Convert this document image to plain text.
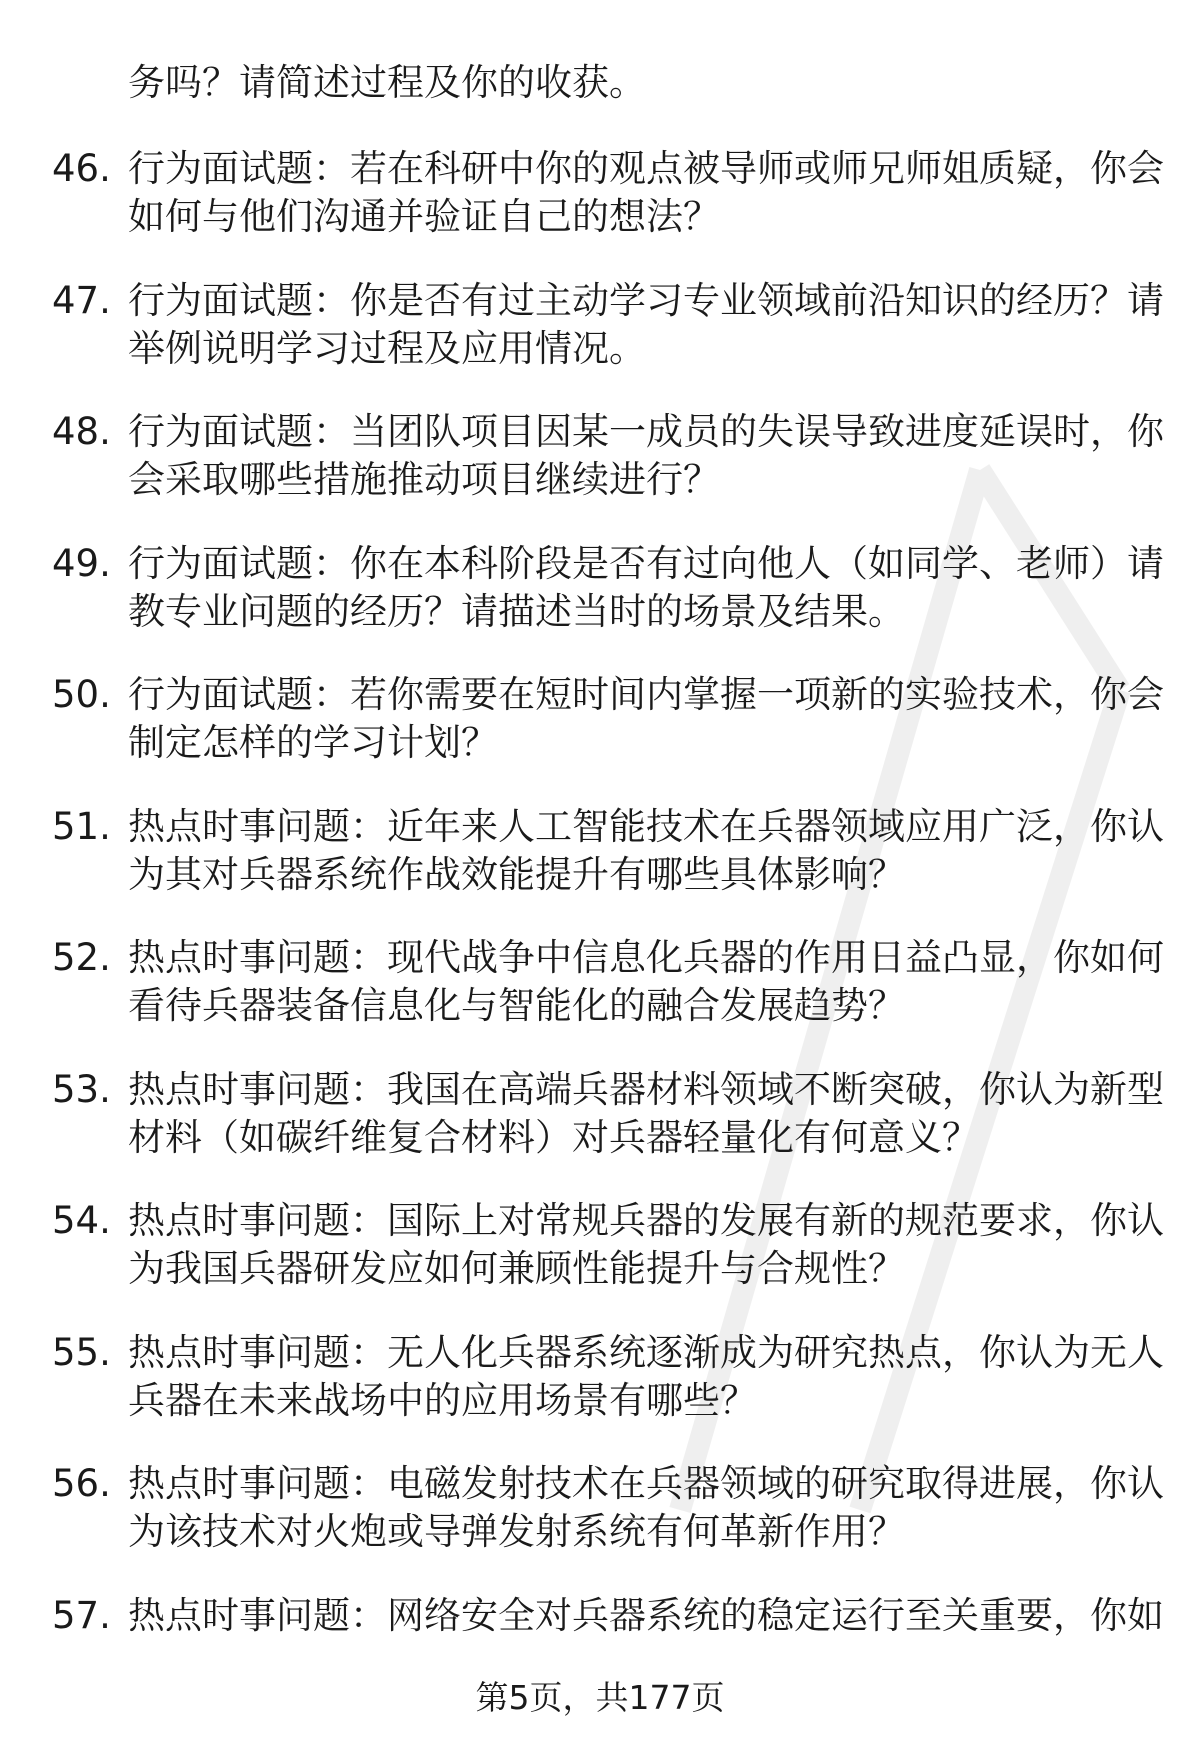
务吗？请简述过程及你的收获。
46. 行为面试题：若在科研中你的观点被导师或师兄师姐质疑，你会
如何与他们沟通并验证自己的想法？
47. 行为面试题：你是否有过主动学习专业领域前沿知识的经历？请
举例说明学习过程及应用情况。
48. 行为面试题：当团队项目因某一成员的失误导致进度延误时，你
会采取哪些措施推动项目继续进行？
49. 行为面试题：你在本科阶段是否有过向他人（如同学、老师）请
教专业问题的经历？请描述当时的场景及结果。
50. 行为面试题：若你需要在短时间内掌握一项新的实验技术，你会
制定怎样的学习计划？
51. 热点时事问题：近年来人工智能技术在兵器领域应用广泛，你认
为其对兵器系统作战效能提升有哪些具体影响？
52. 热点时事问题：现代战争中信息化兵器的作用日益凸显，你如何
看待兵器装备信息化与智能化的融合发展趋势？
53. 热点时事问题：我国在高端兵器材料领域不断突破，你认为新型
材料（如碳纤维复合材料）对兵器轻量化有何意义？
54. 热点时事问题：国际上对常规兵器的发展有新的规范要求，你认
为我国兵器研发应如何兼顾性能提升与合规性？
55. 热点时事问题：无人化兵器系统逐渐成为研究热点，你认为无人
兵器在未来战场中的应用场景有哪些？
56. 热点时事问题：电磁发射技术在兵器领域的研究取得进展，你认
为该技术对火炮或导弹发射系统有何革新作用？
57. 热点时事问题：网络安全对兵器系统的稳定运行至关重要，你如
第5页，共177页
